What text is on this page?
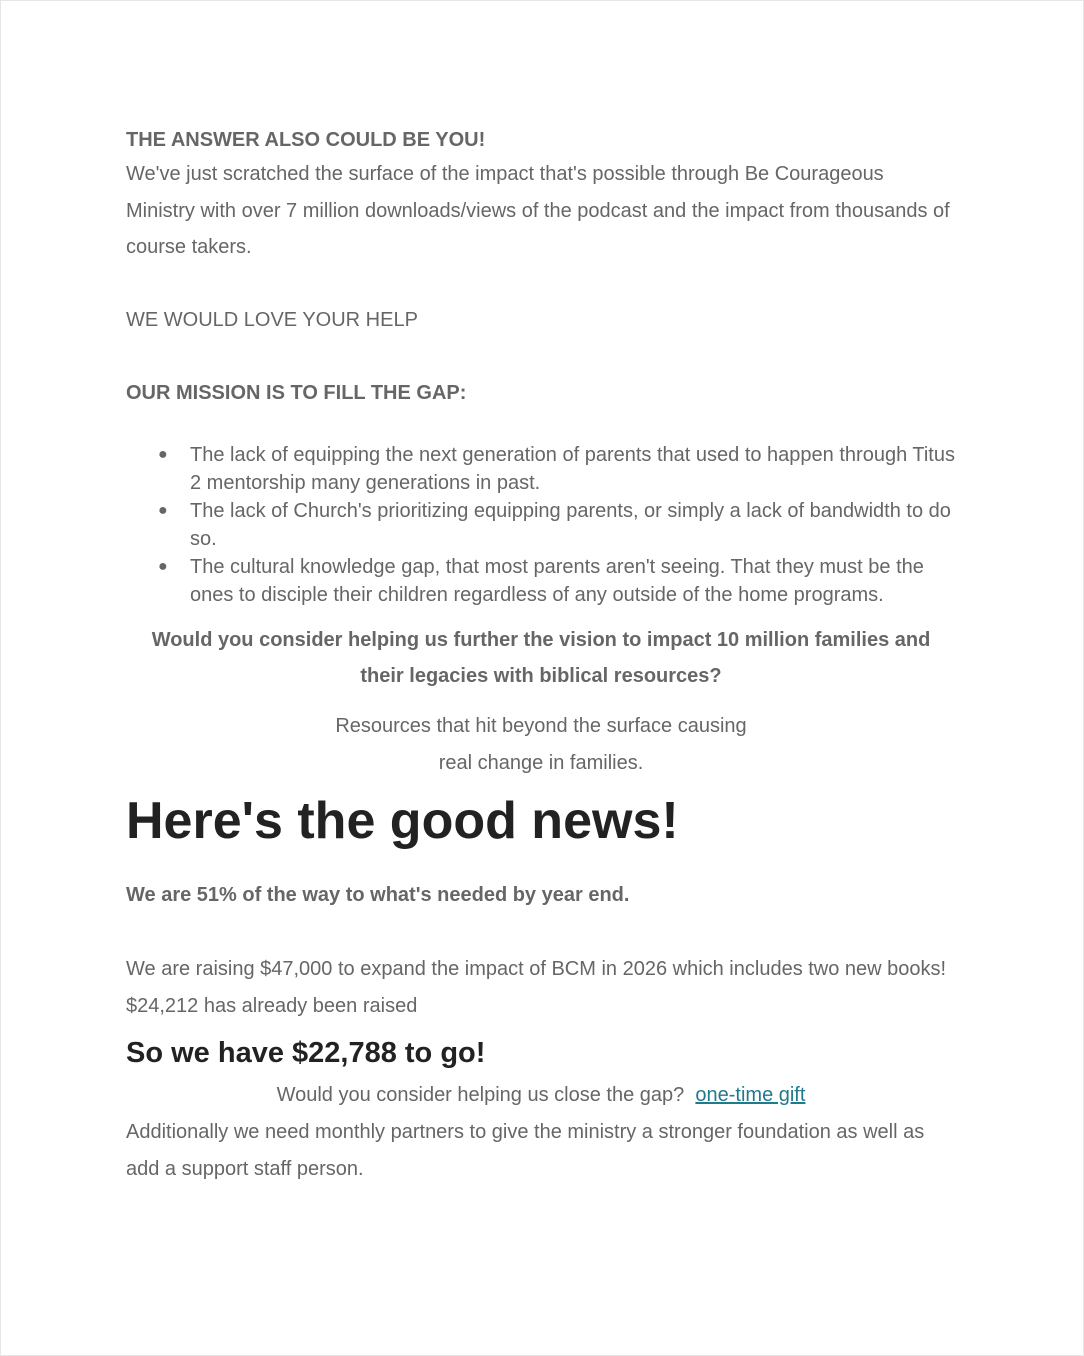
THE ANSWER ALSO COULD BE YOU!

We've just scratched the surface of the impact that's possible through Be Courageous Ministry with over 7 million downloads/views of the podcast and the impact from thousands of course takers.

WE WOULD LOVE YOUR HELP

OUR MISSION IS TO FILL THE GAP:

● The lack of equipping the next generation of parents that used to happen through Titus 2 mentorship many generations in past.
● The lack of Church's prioritizing equipping parents, or simply a lack of bandwidth to do so.
● The cultural knowledge gap, that most parents aren't seeing. That they must be the ones to disciple their children regardless of any outside of the home programs.
Would you consider helping us further the vision to impact 10 million families and
their legacies with biblical resources?
Resources that hit beyond the surface causing
real change in families.
Here's the good news!

We are 51% of the way to what's needed by year end.

We are raising $47,000 to expand the impact of BCM in 2026 which includes two new books! $24,212 has already been raised

So we have $22,788 to go!

Would you consider helping us close the gap? one-time gift

Additionally we need monthly partners to give the ministry a stronger foundation as well as add a support staff person.
